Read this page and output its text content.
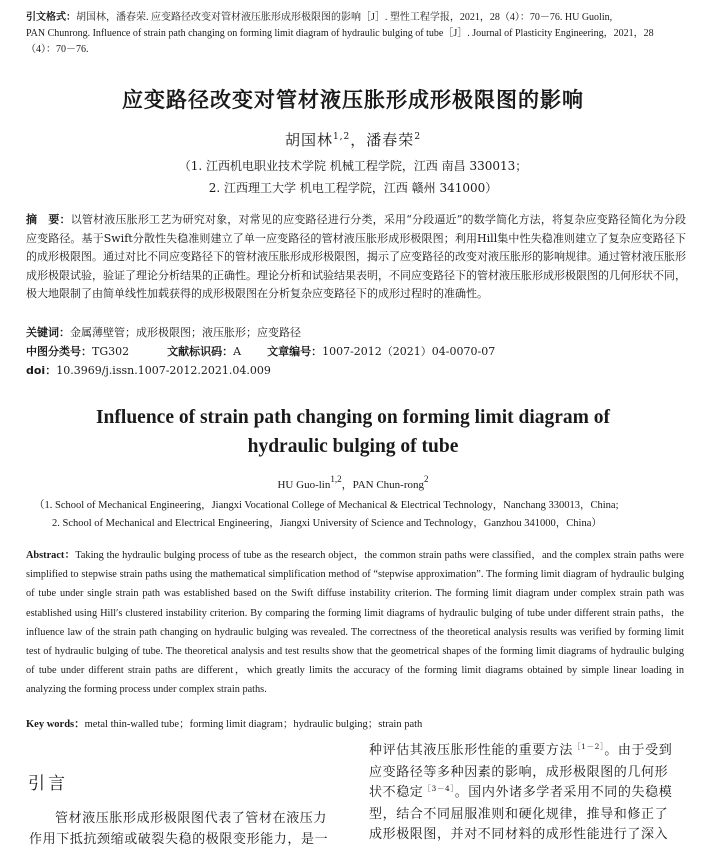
引文格式：胡国林，潘春荣. 应变路径改变对管材液压胀形成形极限图的影响［J］. 塑性工程学报，2021，28（4）：70－76. HU Guolin,
PAN Chunrong. Influence of strain path changing on forming limit diagram of hydraulic bulging of tube［J］. Journal of Plasticity Engineering，2021，28
（4）：70－76.
应变路径改变对管材液压胀形成形极限图的影响
胡国林$^{1,2}$，潘春荣$^2$
（1. 江西机电职业技术学院 机械工程学院，江西 南昌 330013；
2. 江西理工大学 机电工程学院，江西 赣州 341000）
摘　要：以管材液压胀形工艺为研究对象，对常见的应变路径进行分类，采用“分段逼近”的数学简化方法，将复杂应变路径简化为分段应变路径。基于Swift分散性失稳准则建立了单一应变路径的管材液压胀形成形极限图；利用Hill集中性失稳准则建立了复杂应变路径下的成形极限图。通过对比不同应变路径下的管材液压胀形成形极限图，揭示了应变路径的改变对液压胀形的影响规律。通过管材液压胀形成形极限试验，验证了理论分析结果的正确性。理论分析和试验结果表明，不同应变路径下的管材液压胀形成形极限图的几何形状不同，极大地限制了由简单线性加载获得的成形极限图在分析复杂应变路径下的成形过程时的准确性。
关键词：金属薄壁管；成形极限图；液压胀形；应变路径
中图分类号：TG302	文献标识码：A 文章编号：1007-2012（2021）04-0070-07
doi：10.3969/j.issn.1007-2012.2021.04.009
Influence of strain path changing on forming limit diagram of
hydraulic bulging of tube
HU Guo-lin$^{1,2}$，PAN Chun-rong$^2$
（1. School of Mechanical Engineering，Jiangxi Vocational College of Mechanical & Electrical Technology，Nanchang 330013，China;
2. School of Mechanical and Electrical Engineering，Jiangxi University of Science and Technology，Ganzhou 341000，China）
Abstract：Taking the hydraulic bulging process of tube as the research object，the common strain paths were classified，and the complex strain paths were simplified to stepwise strain paths using the mathematical simplification method of “stepwise approximation”. The forming limit diagram of hydraulic bulging of tube under single strain path was established based on the Swift diffuse instability criterion. The forming limit diagram under complex strain path was established using Hill′s clustered instability criterion. By comparing the forming limit diagrams of hydraulic bulging of tube under different strain paths，the influence law of the strain path changing on hydraulic bulging was revealed. The correctness of the theoretical analysis results was verified by forming limit test of hydraulic bulging of tube. The theoretical analysis and test results show that the geometrical shapes of the forming limit diagrams of hydraulic bulging of tube under different strain paths are different，which greatly limits the accuracy of the forming limit diagrams obtained by simple linear loading in analyzing the forming process under complex strain paths.
Key words：metal thin-walled tube；forming limit diagram；hydraulic bulging；strain path
引言
管材液压胀形成形极限图代表了管材在液压力
作用下抵抗颈缩或破裂失稳的极限变形能力，是一
种评估其液压胀形性能的重要方法$^{[1-2]}$。由于受到
应变路径等多种因素的影响，成形极限图的几何形
状不稳定$^{[3-4]}$。国内外诸多学者采用不同的失稳模
型，结合不同屈服准则和硬化规律，推导和修正了
成形极限图，并对不同材料的成形性能进行了深入
